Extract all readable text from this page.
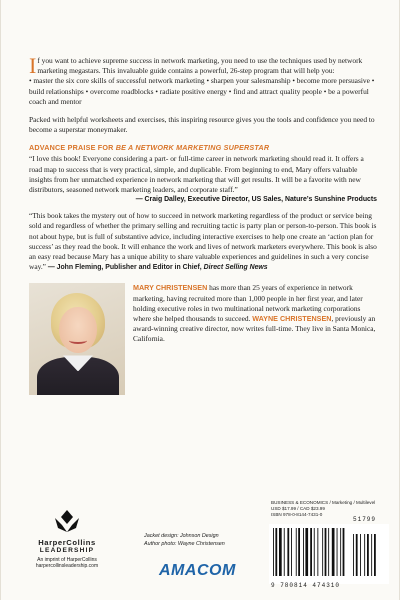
If you want to achieve supreme success in network marketing, you need to use the techniques used by network marketing megastars. This invaluable guide contains a powerful, 26-step program that will help you:

• master the six core skills of successful network marketing • sharpen your salesmanship • become more persuasive • build relationships • overcome roadblocks • radiate positive energy • find and attract quality people • be a powerful coach and mentor

Packed with helpful worksheets and exercises, this inspiring resource gives you the tools and confidence you need to become a superstar moneymaker.

ADVANCE PRAISE FOR BE A NETWORK MARKETING SUPERSTAR

“I love this book! Everyone considering a part- or full-time career in network marketing should read it. It offers a road map to success that is very practical, simple, and duplicable. From beginning to end, Mary offers valuable insights from her unmatched experience in network marketing that will get results. It will be a favorite with new distributors, seasoned network marketing leaders, and corporate staff.”

— Craig Dalley, Executive Director, US Sales, Nature’s Sunshine Products

“This book takes the mystery out of how to succeed in network marketing regardless of the product or service being sold and regardless of whether the primary selling and recruiting tactic is party plan or person-to-person. This book is not about hype, but is full of substantive advice, including interactive exercises to help one create an ‘action plan for success’ as they read the book. It will enhance the work and lives of network marketers everywhere. This book is also an easy read because Mary has a unique ability to share valuable experiences and guidelines in such a very concise way.” — John Fleming, Publisher and Editor in Chief, Direct Selling News

MARY CHRISTENSEN has more than 25 years of experience in network marketing, having recruited more than 1,000 people in her first year, and later holding executive roles in two multinational network marketing corporations where she helped thousands to succeed. WAYNE CHRISTENSEN, previously an award-winning creative director, now writes full-time. They live in Santa Monica, California.
HarperCollins
LEADERSHIP
An imprint of HarperCollins
harpercollinsleadership.com
Jacket design: Johnson Design
Author photo: Wayne Christensen
AMACOM
BUSINESS & ECONOMICS / Marketing / Multilevel
USD $17.99 / CAD $23.99
ISBN 978-0-8144-7431-0
51799
9 780814 474310
